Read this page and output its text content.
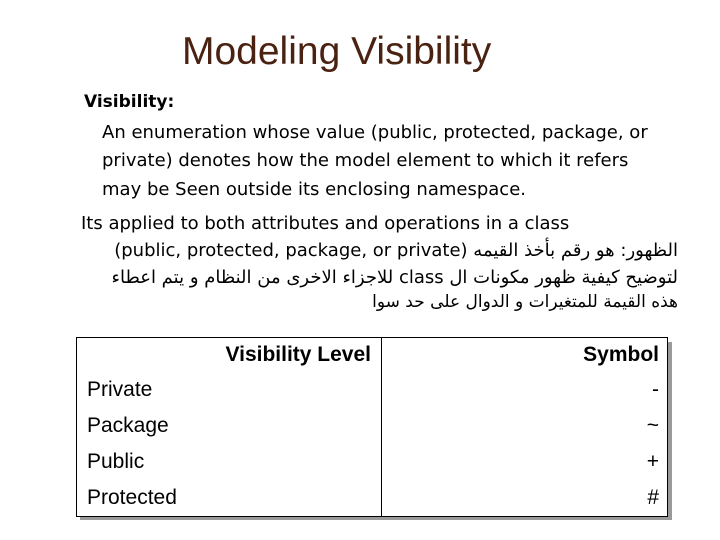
Modeling Visibility
Visibility:
An enumeration whose value (public, protected, package, or
private) denotes how the model element to which it refers
may be Seen outside its enclosing namespace.
Its applied to both attributes and operations in a class
الظهور: هو رقم بأخذ القيمه (public, protected, package, or private)
لتوضيح كيفية ظهور مكونات ال class للاجزاء الاخرى من النظام و يتم اعطاء
هذه القيمة للمتغيرات و الدوال على حد سوا
Visibility Level	Symbol
Private	-
Package	~
Public	+
Protected	#
